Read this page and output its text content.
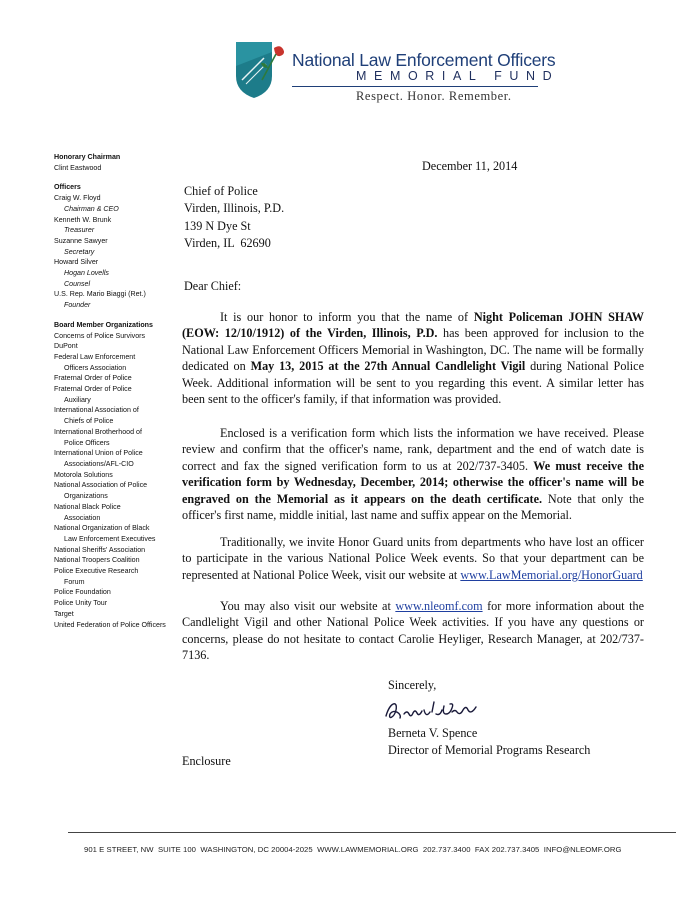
National Law Enforcement Officers
MEMORIAL FUND
Respect. Honor. Remember.
Honorary Chairman
Clint Eastwood
Officers
Craig W. Floyd
Chairman & CEO
Kenneth W. Brunk
Treasurer
Suzanne Sawyer
Secretary
Howard Silver
Hogan Lovells
Counsel
U.S. Rep. Mario Biaggi (Ret.)
Founder
Board Member Organizations
Concerns of Police Survivors
DuPont
Federal Law Enforcement
Officers Association
Fraternal Order of Police
Fraternal Order of Police
Auxiliary
International Association of
Chiefs of Police
International Brotherhood of
Police Officers
International Union of Police
Associations/AFL-CIO
Motorola Solutions
National Association of Police
Organizations
National Black Police
Association
National Organization of Black
Law Enforcement Executives
National Sheriffs' Association
National Troopers Coalition
Police Executive Research
Forum
Police Foundation
Police Unity Tour
Target
United Federation of Police Officers
December 11, 2014
Chief of Police
Virden, Illinois, P.D.
139 N Dye St
Virden, IL  62690
Dear Chief:
It is our honor to inform you that the name of Night Policeman JOHN SHAW (EOW: 12/10/1912) of the Virden, Illinois, P.D. has been approved for inclusion to the National Law Enforcement Officers Memorial in Washington, DC. The name will be formally dedicated on May 13, 2015 at the 27th Annual Candlelight Vigil during National Police Week. Additional information will be sent to you regarding this event. A similar letter has been sent to the officer's family, if that information was provided.
Enclosed is a verification form which lists the information we have received. Please review and confirm that the officer's name, rank, department and the end of watch date is correct and fax the signed verification form to us at 202/737-3405. We must receive the verification form by Wednesday, December, 2014; otherwise the officer's name will be engraved on the Memorial as it appears on the death certificate. Note that only the officer's first name, middle initial, last name and suffix appear on the Memorial.
Traditionally, we invite Honor Guard units from departments who have lost an officer to participate in the various National Police Week events. So that your department can be represented at National Police Week, visit our website at www.LawMemorial.org/HonorGuard
You may also visit our website at www.nleomf.com for more information about the Candlelight Vigil and other National Police Week activities. If you have any questions or concerns, please do not hesitate to contact Carolie Heyliger, Research Manager, at 202/737-7136.
Sincerely,
Berneta V. Spence
Director of Memorial Programs Research
Enclosure
901 E STREET, NW  SUITE 100  WASHINGTON, DC 20004-2025  WWW.LAWMEMORIAL.ORG  202.737.3400  FAX 202.737.3405  INFO@NLEOMF.ORG
